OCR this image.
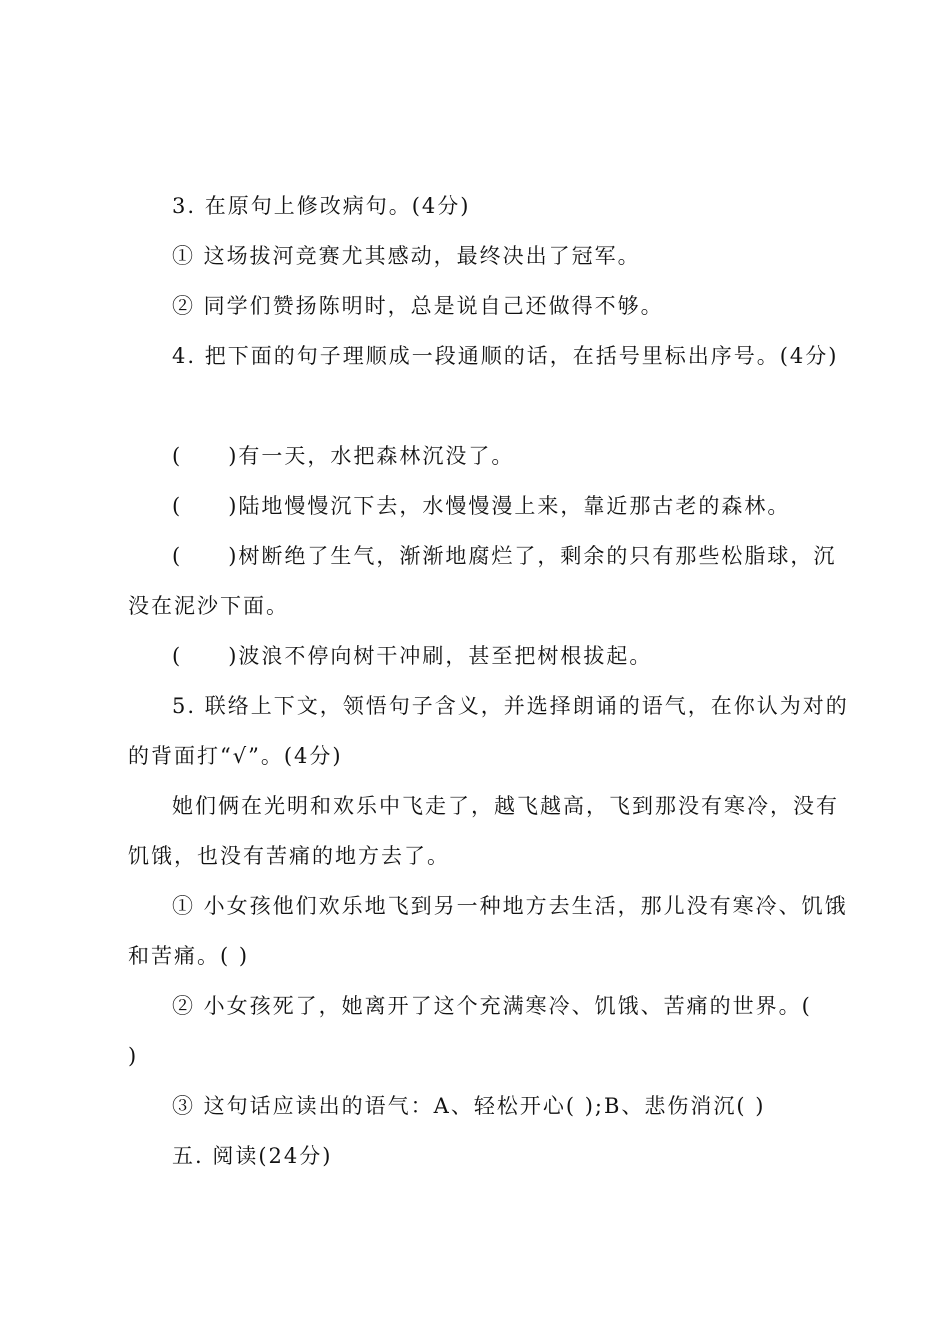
3. 在原句上修改病句。(4分)
① 这场拔河竞赛尤其感动，最终决出了冠军。
② 同学们赞扬陈明时，总是说自己还做得不够。
4. 把下面的句子理顺成一段通顺的话，在括号里标出序号。(4分)
(　　)有一天，水把森林沉没了。
(　　)陆地慢慢沉下去，水慢慢漫上来，靠近那古老的森林。
(　　)树断绝了生气，渐渐地腐烂了，剩余的只有那些松脂球，沉
没在泥沙下面。
(　　)波浪不停向树干冲刷，甚至把树根拔起。
5. 联络上下文，领悟句子含义，并选择朗诵的语气，在你认为对的
的背面打“√”。(4分)
她们俩在光明和欢乐中飞走了，越飞越高，飞到那没有寒冷，没有
饥饿，也没有苦痛的地方去了。
① 小女孩他们欢乐地飞到另一种地方去生活，那儿没有寒冷、饥饿
和苦痛。( )
② 小女孩死了，她离开了这个充满寒冷、饥饿、苦痛的世界。(
)
③ 这句话应读出的语气：A、轻松开心( );B、悲伤消沉( )
五. 阅读(24分)
